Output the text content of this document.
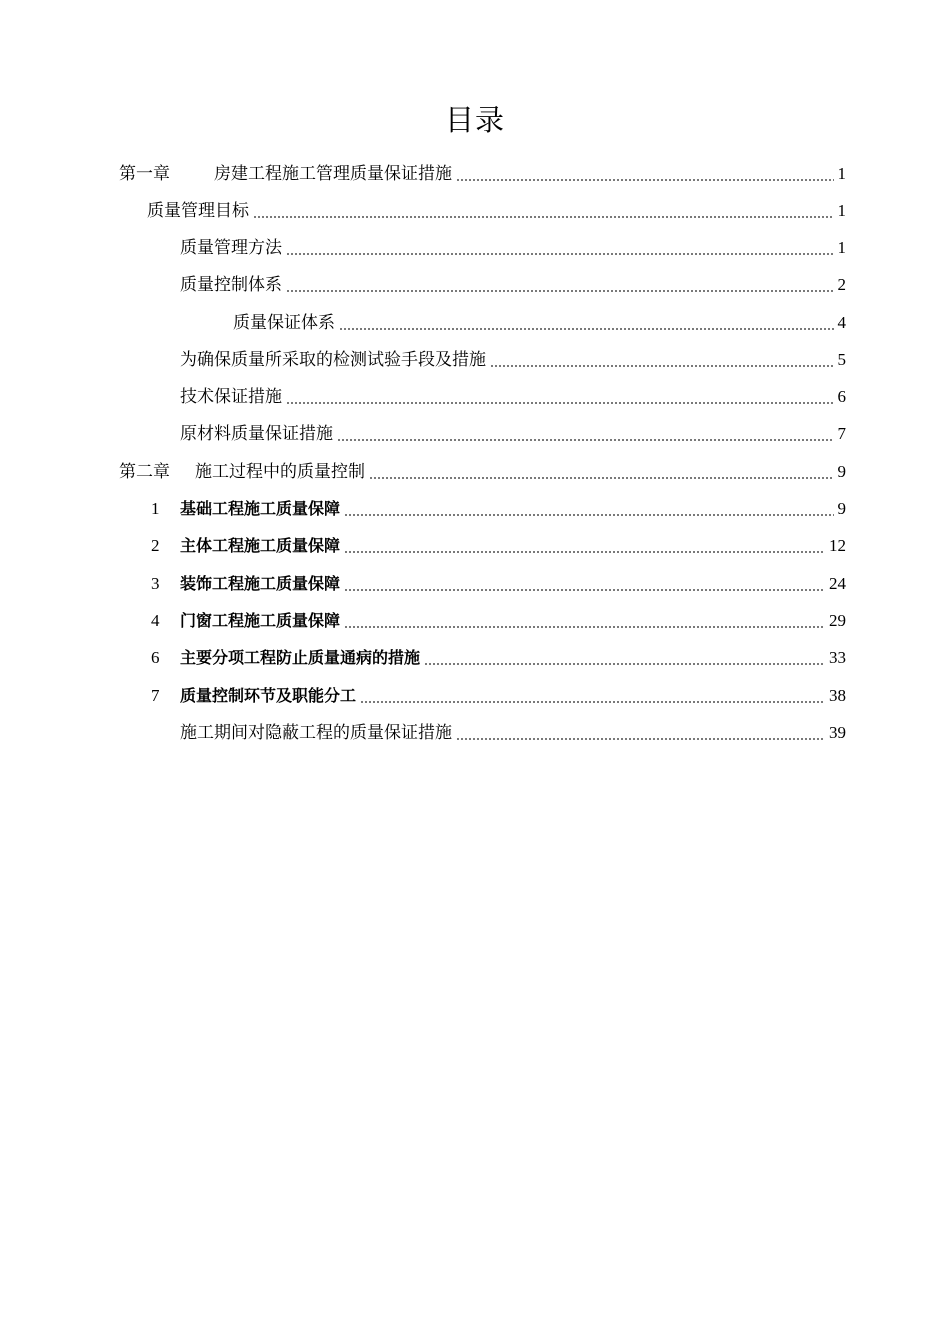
目录
第一章	房建工程施工管理质量保证措施	1
质量管理目标	1
质量管理方法	1
质量控制体系	2
质量保证体系	4
为确保质量所采取的检测试验手段及措施	5
技术保证措施	6
原材料质量保证措施	7
第二章	施工过程中的质量控制	9
1	基础工程施工质量保障	9
2	主体工程施工质量保障	12
3	装饰工程施工质量保障	24
4	门窗工程施工质量保障	29
6	主要分项工程防止质量通病的措施	33
7	质量控制环节及职能分工	38
施工期间对隐蔽工程的质量保证措施	39
